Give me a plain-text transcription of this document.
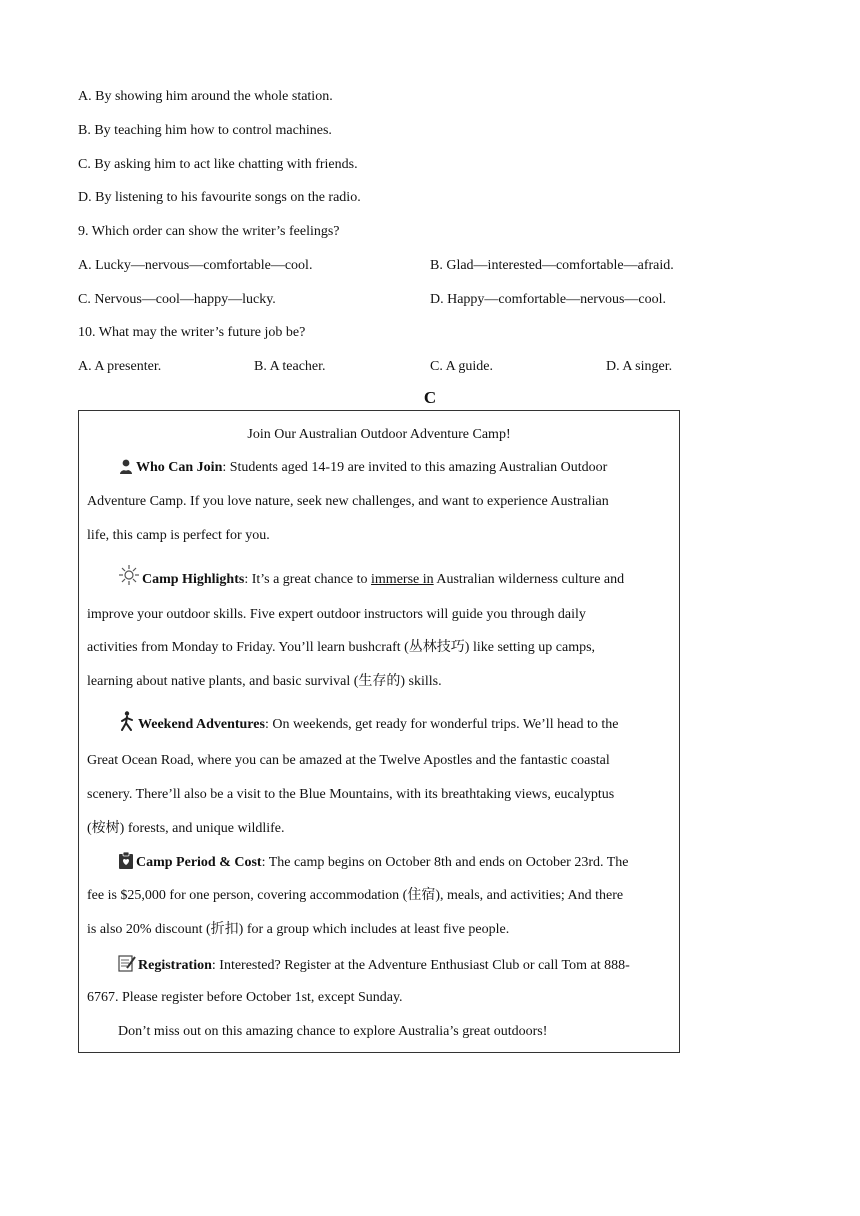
A. By showing him around the whole station.
B. By teaching him how to control machines.
C. By asking him to act like chatting with friends.
D. By listening to his favourite songs on the radio.
9. Which order can show the writer’s feelings?
A. Lucky—nervous—comfortable—cool.	B. Glad—interested—comfortable—afraid.
C. Nervous—cool—happy—lucky.	D. Happy—comfortable—nervous—cool.
10. What may the writer’s future job be?
A. A presenter.	B. A teacher.	C. A guide.	D. A singer.
C
Join Our Australian Outdoor Adventure Camp!
Who Can Join: Students aged 14-19 are invited to this amazing Australian Outdoor
Adventure Camp. If you love nature, seek new challenges, and want to experience Australian
life, this camp is perfect for you.
Camp Highlights: It’s a great chance to immerse in Australian wilderness culture and
improve your outdoor skills. Five expert outdoor instructors will guide you through daily
activities from Monday to Friday. You’ll learn bushcraft (丛林技巧) like setting up camps,
learning about native plants, and basic survival (生存的) skills.
Weekend Adventures: On weekends, get ready for wonderful trips. We’ll head to the
Great Ocean Road, where you can be amazed at the Twelve Apostles and the fantastic coastal
scenery. There’ll also be a visit to the Blue Mountains, with its breathtaking views, eucalyptus
(桉树) forests, and unique wildlife.
Camp Period & Cost: The camp begins on October 8th and ends on October 23rd. The
fee is $25,000 for one person, covering accommodation (住宿), meals, and activities; And there
is also 20% discount (折扣) for a group which includes at least five people.
Registration: Interested? Register at the Adventure Enthusiast Club or call Tom at 888-
6767. Please register before October 1st, except Sunday.
Don’t miss out on this amazing chance to explore Australia’s great outdoors!
